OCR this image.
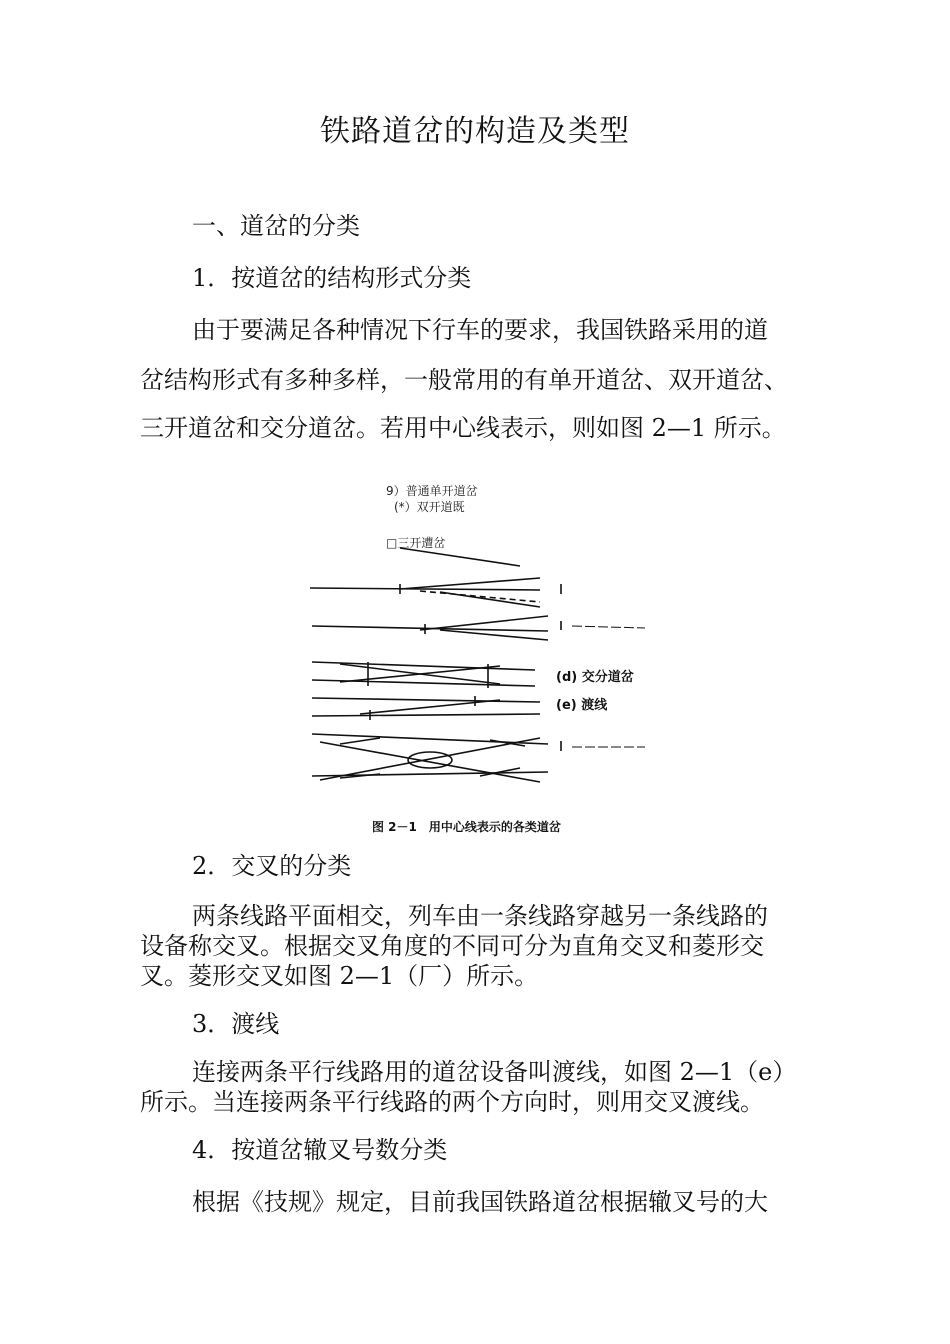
铁路道岔的构造及类型
一、道岔的分类
1．按道岔的结构形式分类
由于要满足各种情况下行车的要求，我国铁路采用的道
岔结构形式有多种多样，一般常用的有单开道岔、双开道岔、
三开道岔和交分道岔。若用中心线表示，则如图 2—1 所示。
9）普通单开道岔
(*）双开道既
□三开遭岔
(d) 交分道岔
(e) 渡线
图 2－1　用中心线表示的各类道岔
2．交叉的分类
两条线路平面相交，列车由一条线路穿越另一条线路的
设备称交叉。根据交叉角度的不同可分为直角交叉和菱形交
叉。菱形交叉如图 2—1（厂）所示。
3．渡线
连接两条平行线路用的道岔设备叫渡线，如图 2—1（e）
所示。当连接两条平行线路的两个方向时，则用交叉渡线。
4．按道岔辙叉号数分类
根据《技规》规定，目前我国铁路道岔根据辙叉号的大
